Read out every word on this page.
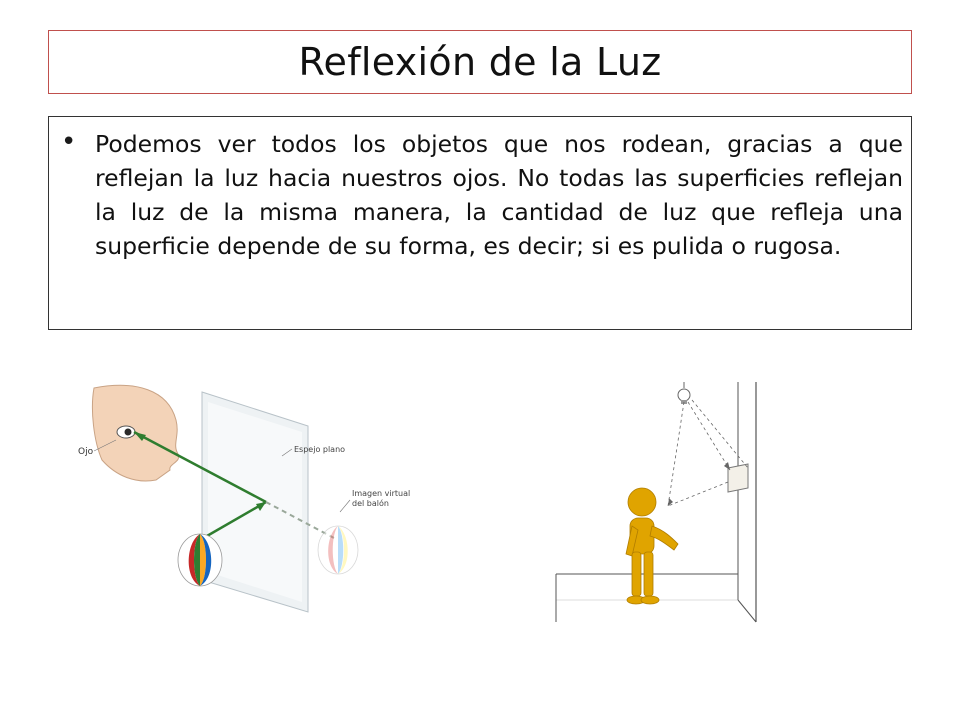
Reflexión de la Luz
• Podemos ver todos los objetos que nos rodean, gracias a que reflejan la luz hacia nuestros ojos. No todas las superficies reflejan la luz de la misma manera, la cantidad de luz que refleja una superficie depende de su forma, es decir; si es pulida o rugosa.

Ojo	Espejo plano
Imagen virtual
del balón
